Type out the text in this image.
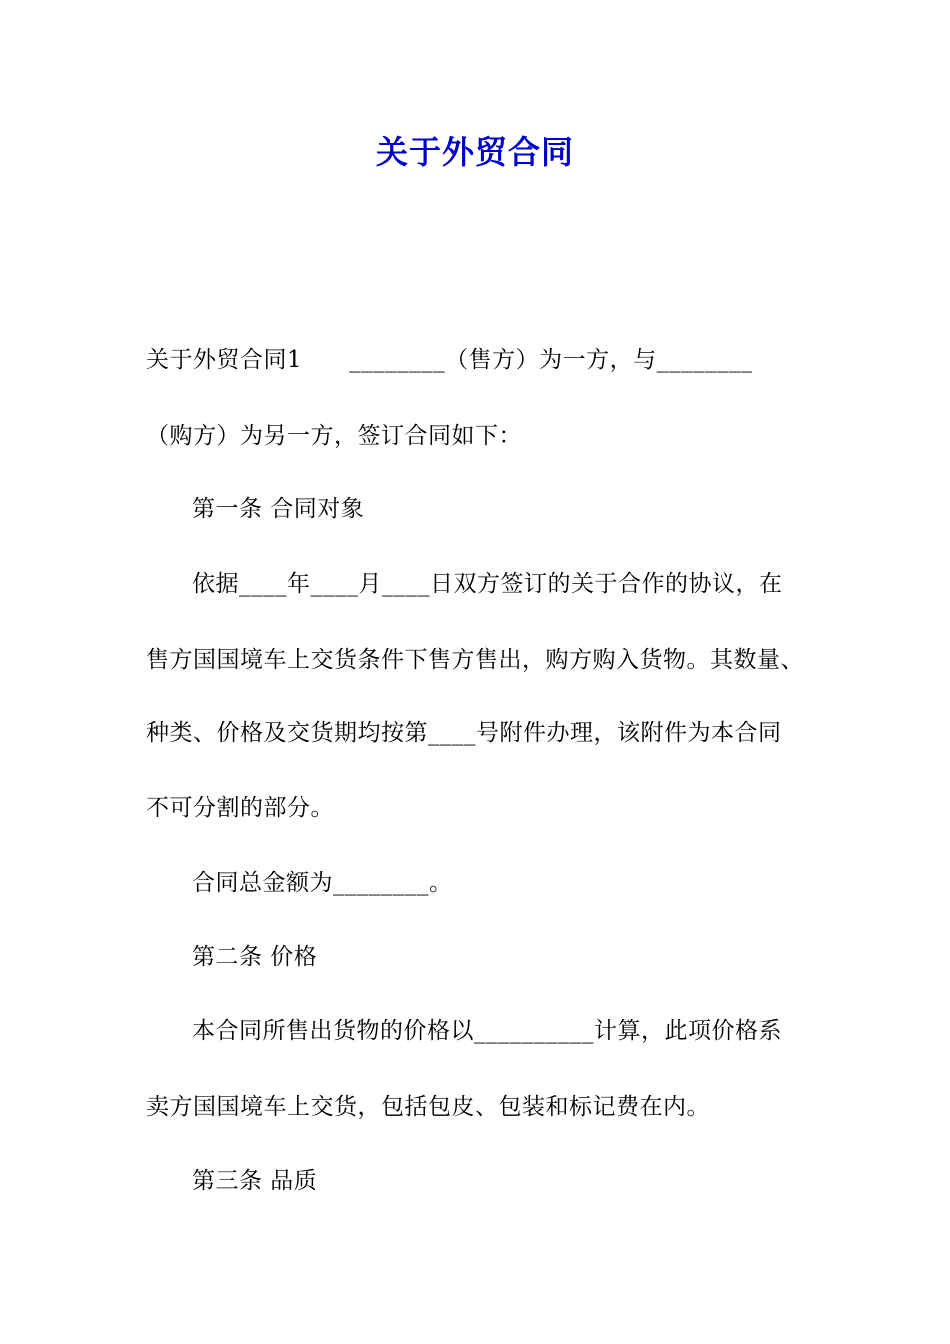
关于外贸合同
关于外贸合同1　　________（售方）为一方，与________
（购方）为另一方，签订合同如下：
第一条 合同对象
依据____年____月____日双方签订的关于合作的协议，在
售方国国境车上交货条件下售方售出，购方购入货物。其数量、
种类、价格及交货期均按第____号附件办理，该附件为本合同
不可分割的部分。
合同总金额为________。
第二条 价格
本合同所售出货物的价格以__________计算，此项价格系
卖方国国境车上交货，包括包皮、包装和标记费在内。
第三条 品质
